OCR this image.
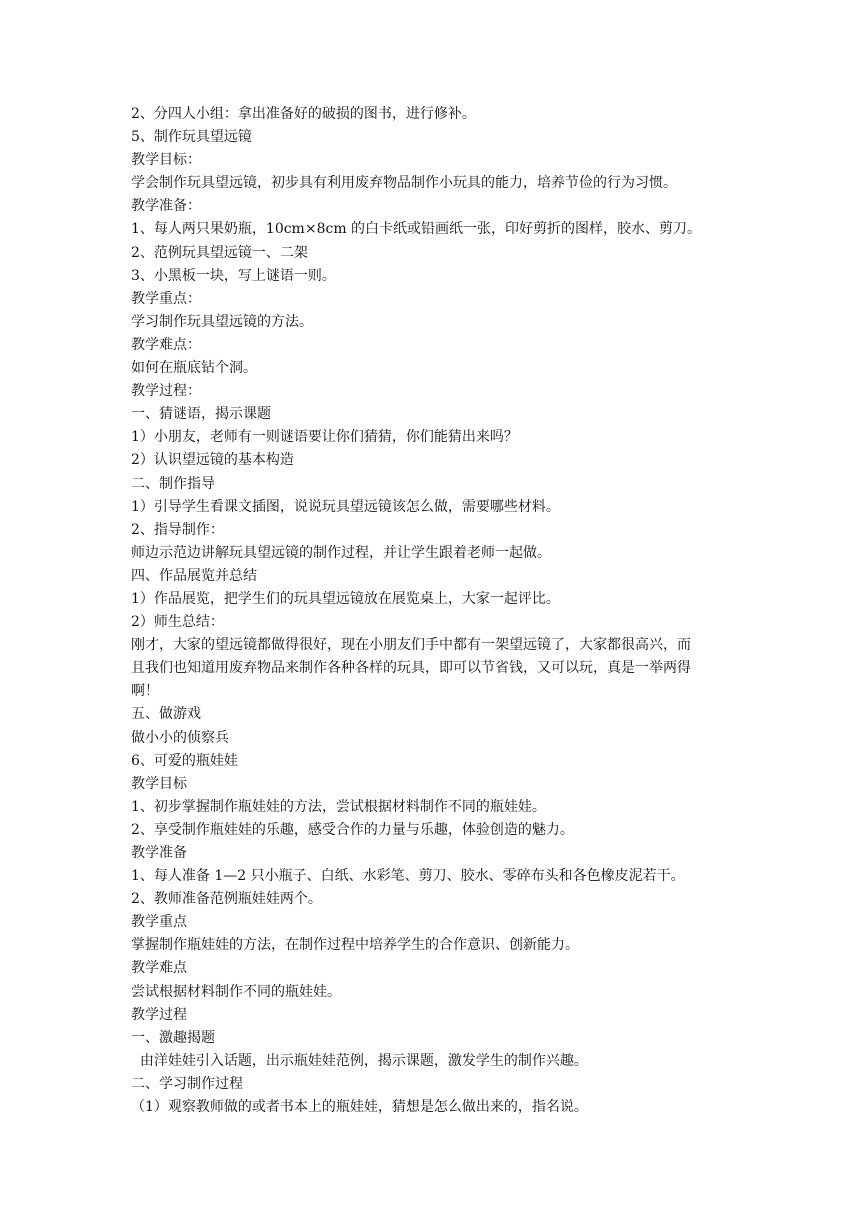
2、分四人小组：拿出准备好的破损的图书，进行修补。

5、制作玩具望远镜

教学目标：

学会制作玩具望远镜，初步具有利用废弃物品制作小玩具的能力，培养节俭的行为习惯。

教学准备：

1、每人两只果奶瓶，10cm×8cm 的白卡纸或铅画纸一张，印好剪折的图样，胶水、剪刀。

2、范例玩具望远镜一、二架

3、小黑板一块，写上谜语一则。

教学重点：

学习制作玩具望远镜的方法。

教学难点：

如何在瓶底钻个洞。

教学过程：

一、猜谜语，揭示课题

1）小朋友，老师有一则谜语要让你们猜猜，你们能猜出来吗？

2）认识望远镜的基本构造

二、制作指导

1）引导学生看课文插图，说说玩具望远镜该怎么做，需要哪些材料。

2、指导制作：

师边示范边讲解玩具望远镜的制作过程，并让学生跟着老师一起做。

四、作品展览并总结

1）作品展览，把学生们的玩具望远镜放在展览桌上，大家一起评比。

2）师生总结：

刚才，大家的望远镜都做得很好，现在小朋友们手中都有一架望远镜了，大家都很高兴，而

且我们也知道用废弃物品来制作各种各样的玩具，即可以节省钱，又可以玩，真是一举两得

啊！

五、做游戏

做小小的侦察兵

6、可爱的瓶娃娃

教学目标

1、初步掌握制作瓶娃娃的方法，尝试根据材料制作不同的瓶娃娃。

2、享受制作瓶娃娃的乐趣，感受合作的力量与乐趣，体验创造的魅力。

教学准备

1、每人准备 1—2 只小瓶子、白纸、水彩笔、剪刀、胶水、零碎布头和各色橡皮泥若干。

2、教师准备范例瓶娃娃两个。

教学重点

掌握制作瓶娃娃的方法，在制作过程中培养学生的合作意识、创新能力。

教学难点

尝试根据材料制作不同的瓶娃娃。

教学过程

一、激趣揭题

由洋娃娃引入话题，出示瓶娃娃范例，揭示课题，激发学生的制作兴趣。

二、学习制作过程

（1）观察教师做的或者书本上的瓶娃娃，猜想是怎么做出来的，指名说。
